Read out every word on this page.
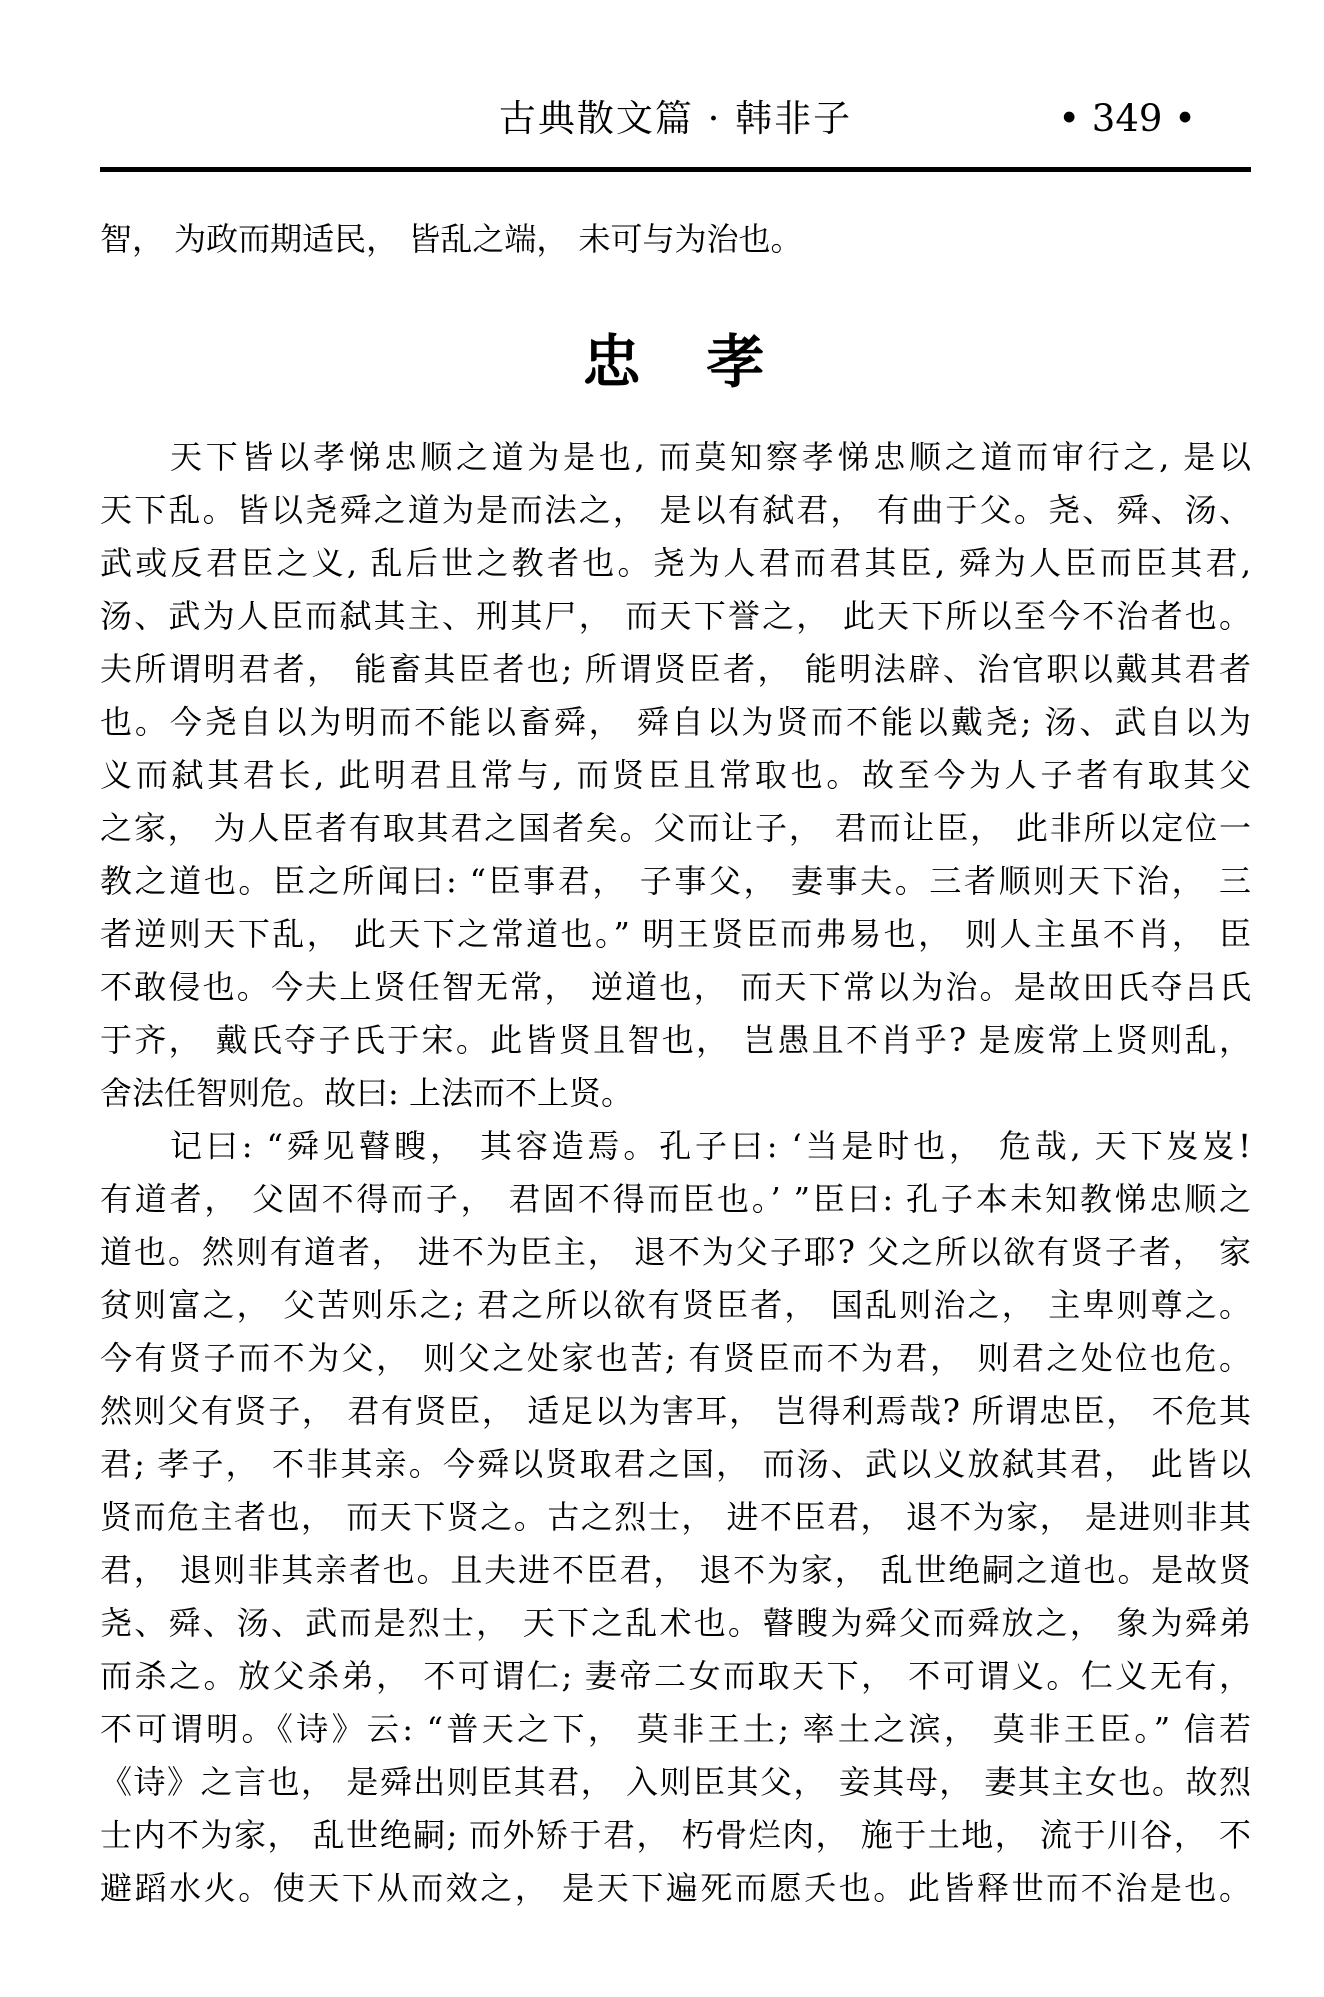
古典散文篇 · 韩非子	• 349 •
智， 为政而期适民， 皆乱之端， 未可与为治也。
忠　孝
天下皆以孝悌忠顺之道为是也, 而莫知察孝悌忠顺之道而审行之, 是以
天下乱。皆以尧舜之道为是而法之， 是以有弑君， 有曲于父。尧、舜、汤、
武或反君臣之义, 乱后世之教者也。尧为人君而君其臣, 舜为人臣而臣其君,
汤、武为人臣而弑其主、刑其尸， 而天下誉之， 此天下所以至今不治者也。
夫所谓明君者， 能畜其臣者也; 所谓贤臣者， 能明法辟、治官职以戴其君者
也。今尧自以为明而不能以畜舜， 舜自以为贤而不能以戴尧; 汤、武自以为
义而弑其君长, 此明君且常与, 而贤臣且常取也。故至今为人子者有取其父
之家， 为人臣者有取其君之国者矣。父而让子， 君而让臣， 此非所以定位一
教之道也。臣之所闻曰: “臣事君， 子事父， 妻事夫。三者顺则天下治， 三
者逆则天下乱， 此天下之常道也。” 明王贤臣而弗易也， 则人主虽不肖， 臣
不敢侵也。今夫上贤任智无常， 逆道也， 而天下常以为治。是故田氏夺吕氏
于齐， 戴氏夺子氏于宋。此皆贤且智也， 岂愚且不肖乎? 是废常上贤则乱，
舍法任智则危。故曰: 上法而不上贤。
记曰: “舜见瞽瞍， 其容造焉。孔子曰: ‘当是时也， 危哉, 天下岌岌!
有道者， 父固不得而子， 君固不得而臣也。’ ”臣曰: 孔子本未知教悌忠顺之
道也。然则有道者， 进不为臣主， 退不为父子耶? 父之所以欲有贤子者， 家
贫则富之， 父苦则乐之; 君之所以欲有贤臣者， 国乱则治之， 主卑则尊之。
今有贤子而不为父， 则父之处家也苦; 有贤臣而不为君， 则君之处位也危。
然则父有贤子， 君有贤臣， 适足以为害耳， 岂得利焉哉? 所谓忠臣， 不危其
君; 孝子， 不非其亲。今舜以贤取君之国， 而汤、武以义放弑其君， 此皆以
贤而危主者也， 而天下贤之。古之烈士， 进不臣君， 退不为家， 是进则非其
君， 退则非其亲者也。且夫进不臣君， 退不为家， 乱世绝嗣之道也。是故贤
尧、舜、汤、武而是烈士， 天下之乱术也。瞽瞍为舜父而舜放之， 象为舜弟
而杀之。放父杀弟， 不可谓仁; 妻帝二女而取天下， 不可谓义。仁义无有，
不可谓明。《诗》云: “普天之下， 莫非王土; 率土之滨， 莫非王臣。” 信若
《诗》之言也， 是舜出则臣其君， 入则臣其父， 妾其母， 妻其主女也。故烈
士内不为家， 乱世绝嗣; 而外矫于君， 朽骨烂肉， 施于土地， 流于川谷， 不
避蹈水火。使天下从而效之， 是天下遍死而愿夭也。此皆释世而不治是也。
